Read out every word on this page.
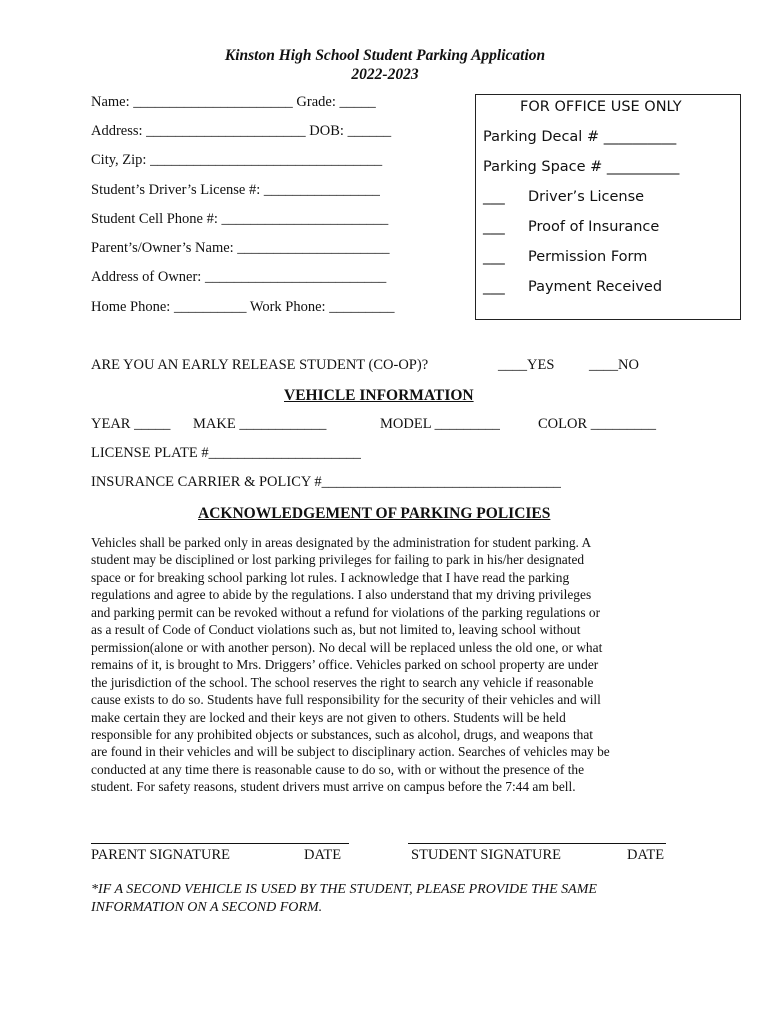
Kinston High School Student Parking Application
2022-2023
Name: ______________________ Grade: _____
Address: ______________________ DOB: ______
City, Zip: ________________________________
Student’s Driver’s License #: ________________
Student Cell Phone #: _______________________
Parent’s/Owner’s Name: _____________________
Address of Owner: _________________________
Home Phone: __________ Work Phone: _________
FOR OFFICE USE ONLY
Parking Decal # __________
Parking Space # __________
___ Driver’s License
___ Proof of Insurance
___ Permission Form
___ Payment Received
ARE YOU AN EARLY RELEASE STUDENT (CO-OP)?	____YES ____NO
VEHICLE INFORMATION
YEAR _____ MAKE ____________	MODEL _________	COLOR _________
LICENSE PLATE #_____________________
INSURANCE CARRIER & POLICY #_________________________________
ACKNOWLEDGEMENT OF PARKING POLICIES
Vehicles shall be parked only in areas designated by the administration for student parking. A
student may be disciplined or lost parking privileges for failing to park in his/her designated
space or for breaking school parking lot rules. I acknowledge that I have read the parking
regulations and agree to abide by the regulations. I also understand that my driving privileges
and parking permit can be revoked without a refund for violations of the parking regulations or
as a result of Code of Conduct violations such as, but not limited to, leaving school without
permission(alone or with another person). No decal will be replaced unless the old one, or what
remains of it, is brought to Mrs. Driggers’ office. Vehicles parked on school property are under
the jurisdiction of the school. The school reserves the right to search any vehicle if reasonable
cause exists to do so. Students have full responsibility for the security of their vehicles and will
make certain they are locked and their keys are not given to others. Students will be held
responsible for any prohibited objects or substances, such as alcohol, drugs, and weapons that
are found in their vehicles and will be subject to disciplinary action. Searches of vehicles may be
conducted at any time there is reasonable cause to do so, with or without the presence of the
student. For safety reasons, student drivers must arrive on campus before the 7:44 am bell.
PARENT SIGNATURE	DATE	STUDENT SIGNATURE	DATE
*IF A SECOND VEHICLE IS USED BY THE STUDENT, PLEASE PROVIDE THE SAME
INFORMATION ON A SECOND FORM.
